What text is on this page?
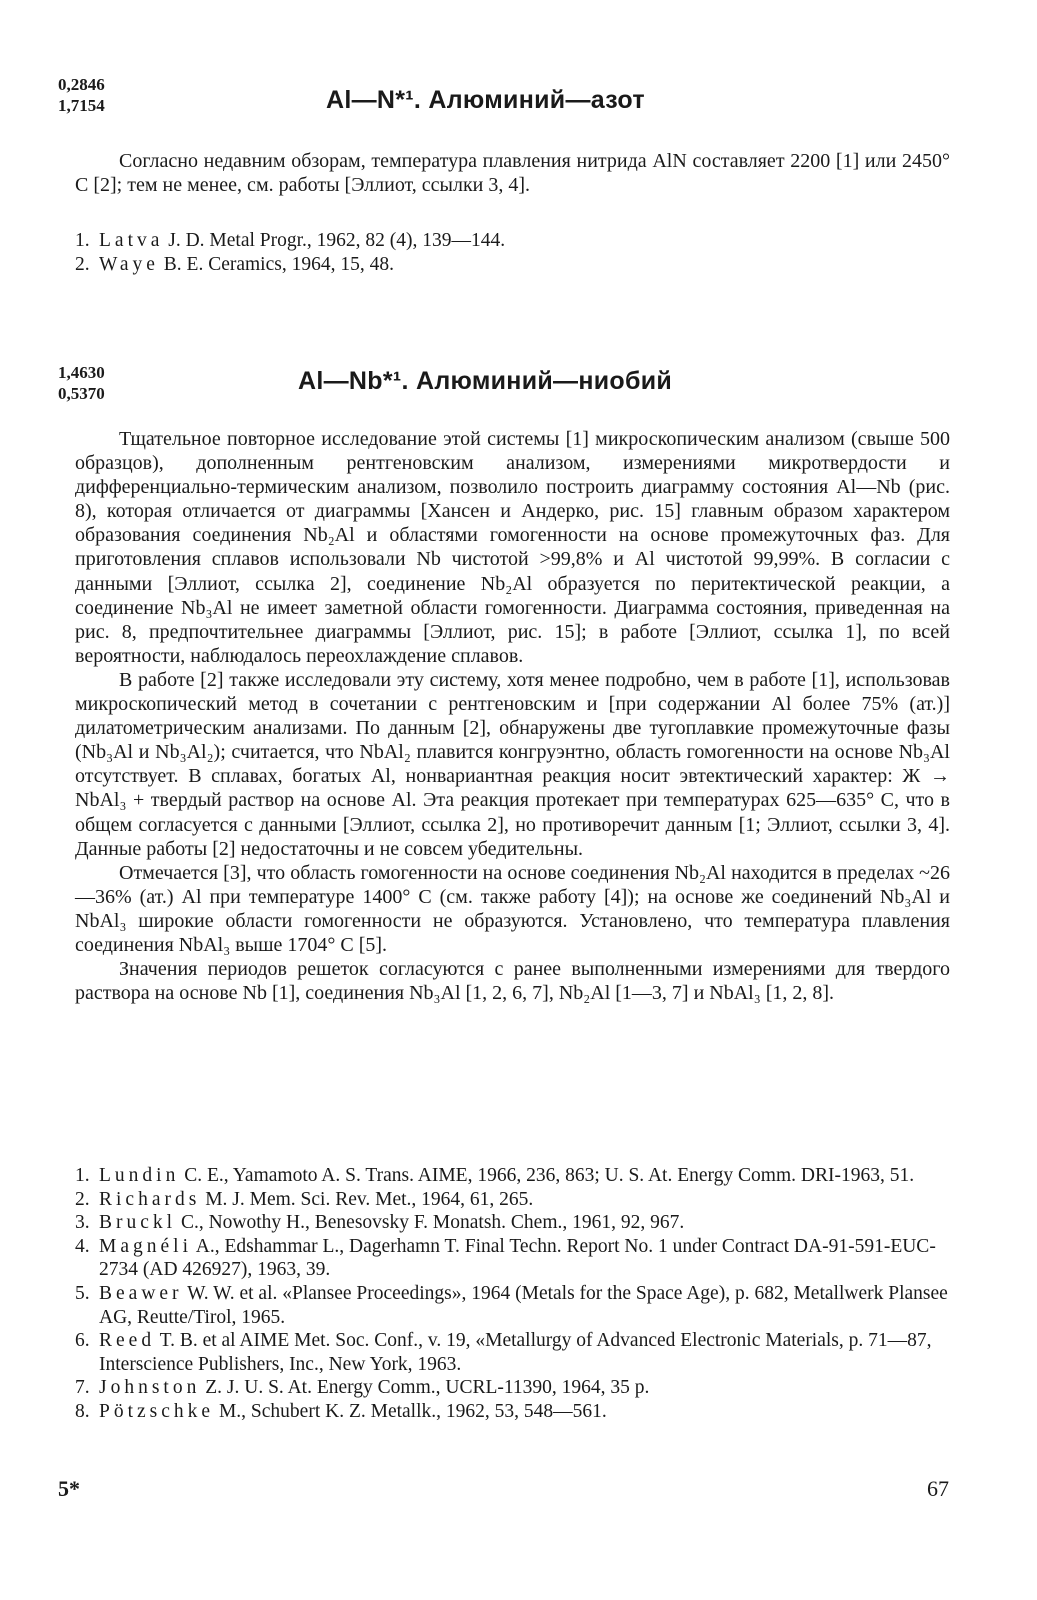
0,2846
1,7154	Al—N*¹. Алюминий—азот

Согласно недавним обзорам, температура плавления нитрида AlN составляет 2200 [1] или 2450° С [2]; тем не менее, см. работы [Эллиот, ссылки 3, 4].

1. Latva J. D. Metal Progr., 1962, 82 (4), 139—144.
2. Waye B. E. Ceramics, 1964, 15, 48.
1,4630
0,5370	Al—Nb*¹. Алюминий—ниобий

Тщательное повторное исследование этой системы [1] микроскопическим анализом (свыше 500 образцов), дополненным рентгеновским анализом, измерениями микротвердости и дифференциально-термическим анализом, позволило построить диаграмму состояния Al—Nb (рис. 8), которая отличается от диаграммы [Хансен и Андерко, рис. 15] главным образом характером образования соединения Nb₂Al и областями гомогенности на основе промежуточных фаз. Для приготовления сплавов использовали Nb чистотой >99,8% и Al чистотой 99,99%. В согласии с данными [Эллиот, ссылка 2], соединение Nb₂Al образуется по перитектической реакции, а соединение Nb₃Al не имеет заметной области гомогенности. Диаграмма состояния, приведенная на рис. 8, предпочтительнее диаграммы [Эллиот, рис. 15]; в работе [Эллиот, ссылка 1], по всей вероятности, наблюдалось переохлаждение сплавов.

В работе [2] также исследовали эту систему, хотя менее подробно, чем в работе [1], использовав микроскопический метод в сочетании с рентгеновским и [при содержании Al более 75% (ат.)] дилатометрическим анализами. По данным [2], обнаружены две тугоплавкие промежуточные фазы (Nb₃Al и Nb₃Al₂); считается, что NbAl₂ плавится конгруэнтно, область гомогенности на основе Nb₃Al отсутствует. В сплавах, богатых Al, нонвариантная реакция носит эвтектический характер: Ж → NbAl₃ + твердый раствор на основе Al. Эта реакция протекает при температурах 625—635° С, что в общем согласуется с данными [Эллиот, ссылка 2], но противоречит данным [1; Эллиот, ссылки 3, 4]. Данные работы [2] недостаточны и не совсем убедительны.

Отмечается [3], что область гомогенности на основе соединения Nb₂Al находится в пределах ~26—36% (ат.) Al при температуре 1400° С (см. также работу [4]); на основе же соединений Nb₃Al и NbAl₃ широкие области гомогенности не образуются. Установлено, что температура плавления соединения NbAl₃ выше 1704° С [5].

Значения периодов решеток согласуются с ранее выполненными измерениями для твердого раствора на основе Nb [1], соединения Nb₃Al [1, 2, 6, 7], Nb₂Al [1—3, 7] и NbAl₃ [1, 2, 8].

1. Lundin C. E., Yamamoto A. S. Trans. AIME, 1966, 236, 863; U. S. At. Energy Comm. DRI-1963, 51.
2. Richards M. J. Mem. Sci. Rev. Met., 1964, 61, 265.
3. Bruckl C., Nowothy H., Benesovsky F. Monatsh. Chem., 1961, 92, 967.
4. Magnéli A., Edshammar L., Dagerhamn T. Final Techn. Report No. 1 under Contract DA-91-591-EUC-2734 (AD 426927), 1963, 39.
5. Beawer W. W. et al. «Plansee Proceedings», 1964 (Metals for the Space Age), p. 682, Metallwerk Plansee AG, Reutte/Tirol, 1965.
6. Reed T. B. et al AIME Met. Soc. Conf., v. 19, «Metallurgy of Advanced Electronic Materials, p. 71—87, Interscience Publishers, Inc., New York, 1963.
7. Johnston Z. J. U. S. At. Energy Comm., UCRL-11390, 1964, 35 p.
8. Pötzschke M., Schubert K. Z. Metallk., 1962, 53, 548—561.
5*	67
